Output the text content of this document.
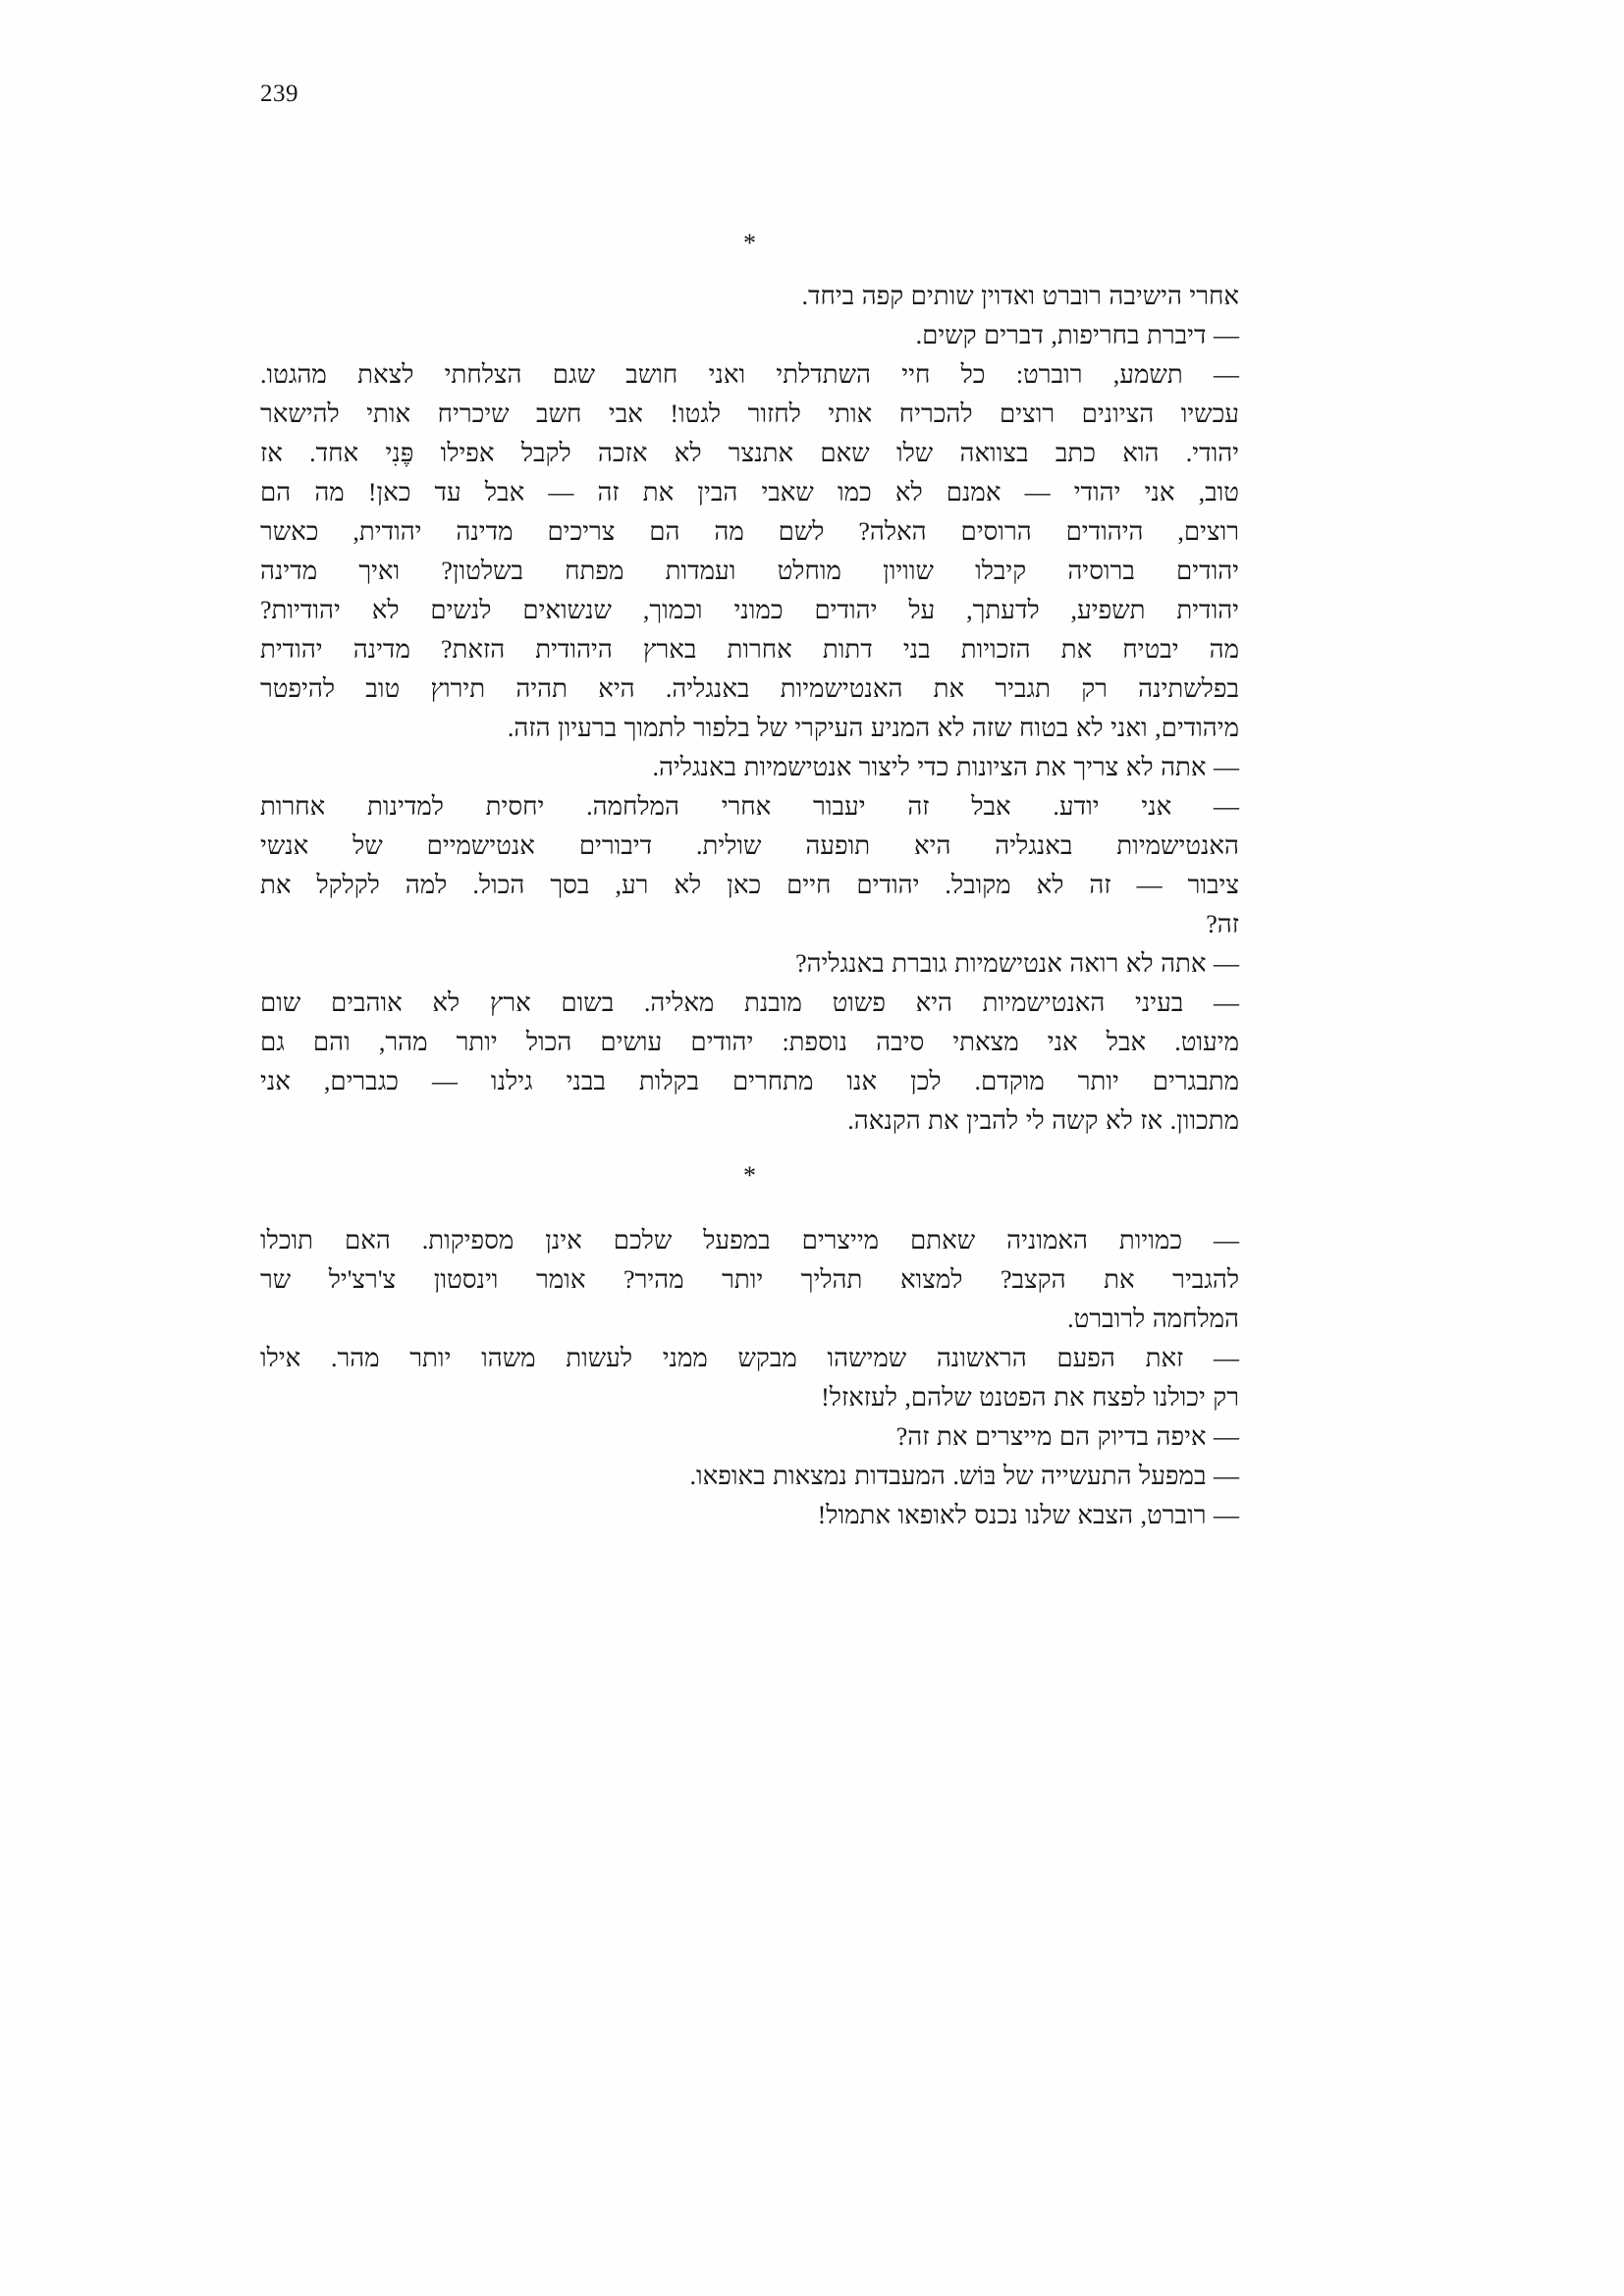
239
*
אחרי הישיבה רוברט ואדוין שותים קפה ביחד.
— דיברת בחריפות, דברים קשים.
— תשמע, רוברט: כל חיי השתדלתי ואני חושב שגם הצלחתי לצאת מהגטו.
עכשיו הציונים רוצים להכריח אותי לחזור לגטו! אבי חשב שיכריח אותי להישאר
יהודי. הוא כתב בצוואה שלו שאם אתנצר לא אזכה לקבל אפילו פֶּנִי אחד. אז
טוב, אני יהודי — אמנם לא כמו שאבי הבין את זה — אבל עד כאן! מה הם
רוצים, היהודים הרוסים האלה? לשם מה הם צריכים מדינה יהודית, כאשר
יהודים ברוסיה קיבלו שוויון מוחלט ועמדות מפתח בשלטון? ואיך מדינה
יהודית תשפיע, לדעתך, על יהודים כמוני וכמוך, שנשואים לנשים לא יהודיות?
מה יבטיח את הזכויות בני דתות אחרות בארץ היהודית הזאת? מדינה יהודית
בפלשתינה רק תגביר את האנטישמיות באנגליה. היא תהיה תירוץ טוב להיפטר
מיהודים, ואני לא בטוח שזה לא המניע העיקרי של בלפור לתמוך ברעיון הזה.
— אתה לא צריך את הציונות כדי ליצור אנטישמיות באנגליה.
— אני יודע. אבל זה יעבור אחרי המלחמה. יחסית למדינות אחרות
האנטישמיות באנגליה היא תופעה שולית. דיבורים אנטישמיים של אנשי
ציבור — זה לא מקובל. יהודים חיים כאן לא רע, בסך הכול. למה לקלקל את
זה?
— אתה לא רואה אנטישמיות גוברת באנגליה?
— בעיני האנטישמיות היא פשוט מובנת מאליה. בשום ארץ לא אוהבים שום
מיעוט. אבל אני מצאתי סיבה נוספת: יהודים עושים הכול יותר מהר, והם גם
מתבגרים יותר מוקדם. לכן אנו מתחרים בקלות בבני גילנו — כגברים, אני
מתכוון. אז לא קשה לי להבין את הקנאה.
*
— כמויות האמוניה שאתם מייצרים במפעל שלכם אינן מספיקות. האם תוכלו
להגביר את הקצב? למצוא תהליך יותר מהיר? אומר וינסטון צ'רצ'יל שר
המלחמה לרוברט.
— זאת הפעם הראשונה שמישהו מבקש ממני לעשות משהו יותר מהר. אילו
רק יכולנו לפצח את הפטנט שלהם, לעזאזל!
— איפה בדיוק הם מייצרים את זה?
— במפעל התעשייה של בּוֹש. המעבדות נמצאות באופאו.
— רוברט, הצבא שלנו נכנס לאופאו אתמול!
